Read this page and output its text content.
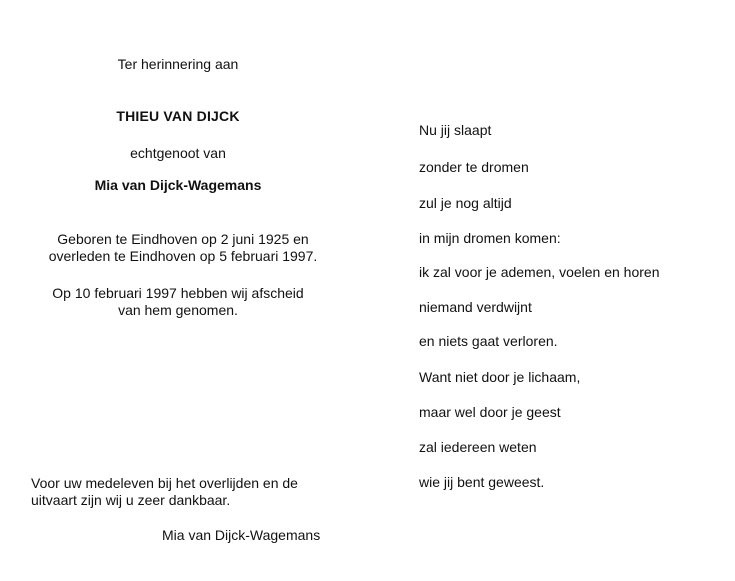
Ter herinnering aan
THIEU VAN DIJCK
echtgenoot van
Mia van Dijck-Wagemans
Geboren te Eindhoven op 2 juni 1925 en
overleden te Eindhoven op 5 februari 1997.
Op 10 februari 1997 hebben wij afscheid
van hem genomen.
Voor uw medeleven bij het overlijden en de
uitvaart zijn wij u zeer dankbaar.
Mia van Dijck-Wagemans
Nu jij slaapt
zonder te dromen
zul je nog altijd
in mijn dromen komen:
ik zal voor je ademen, voelen en horen
niemand verdwijnt
en niets gaat verloren.
Want niet door je lichaam,
maar wel door je geest
zal iedereen weten
wie jij bent geweest.
